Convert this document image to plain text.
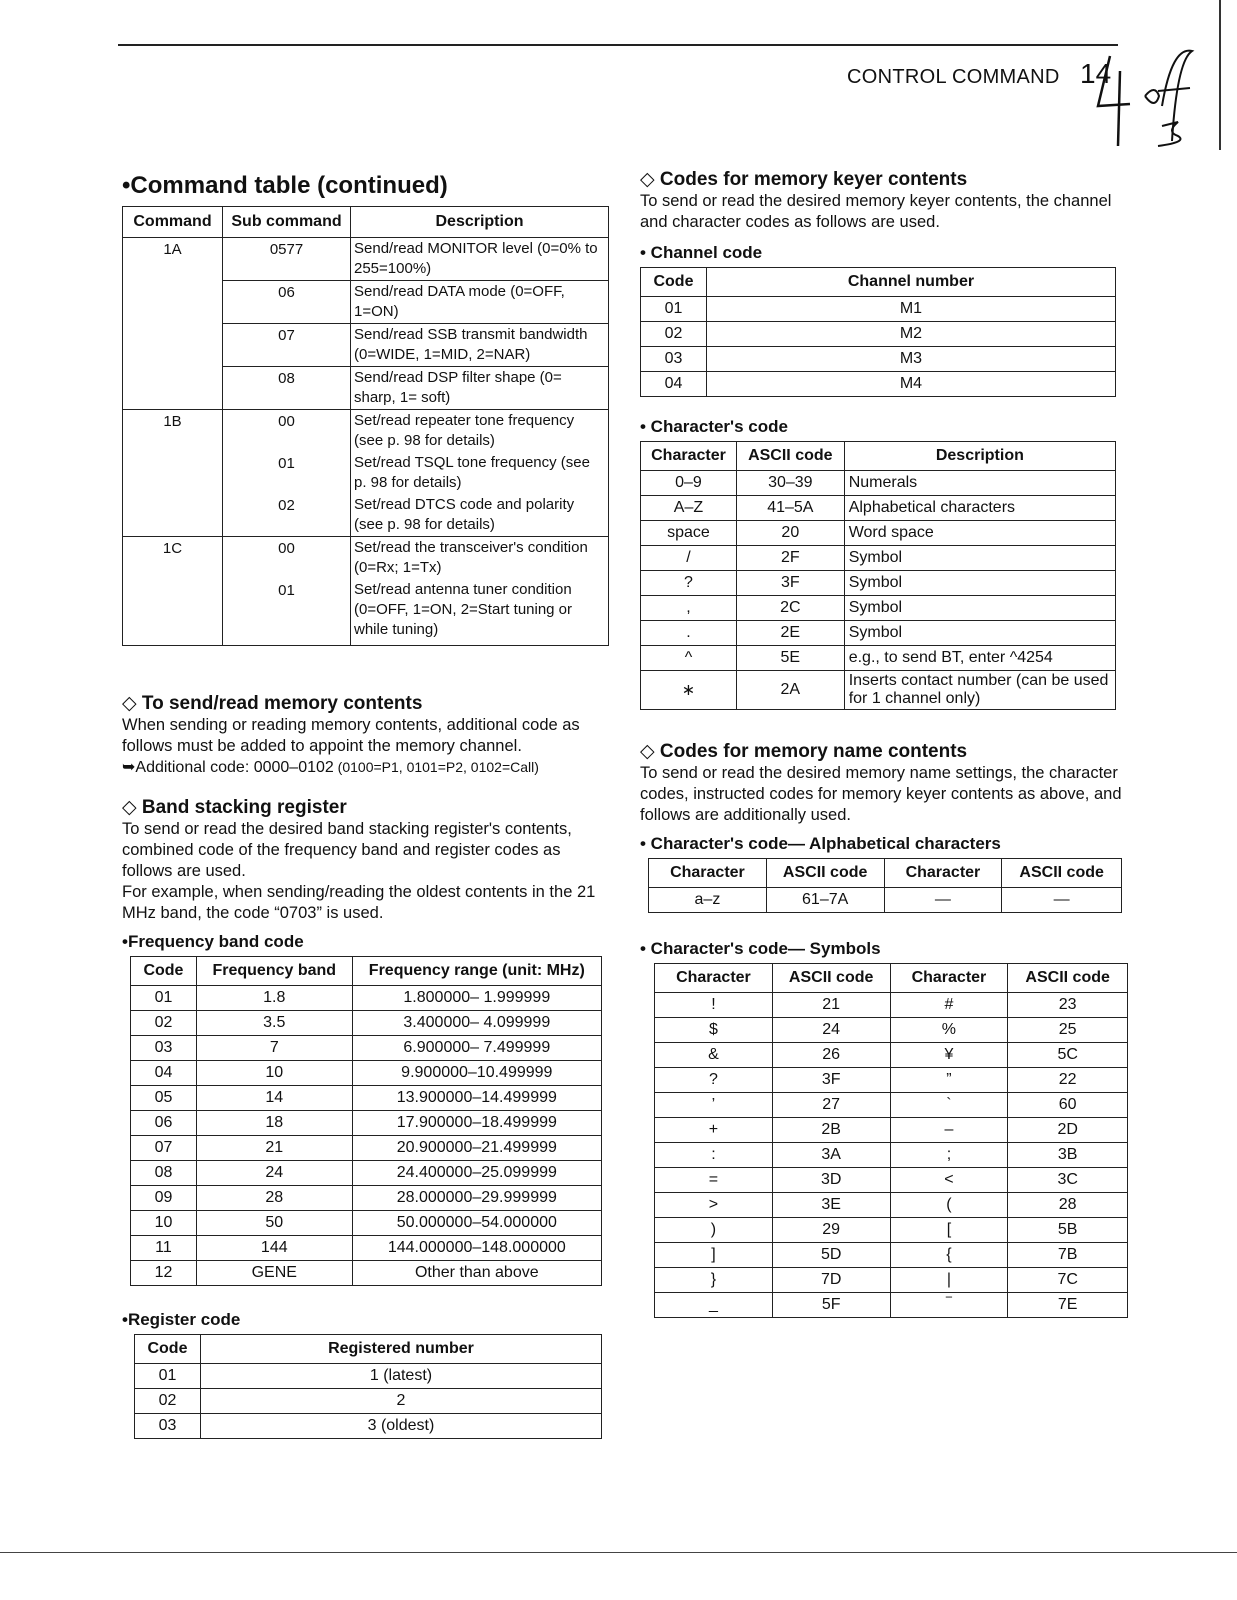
CONTROL COMMAND 14
•Command table (continued)
Command	Sub command	Description
1A	0577	Send/read MONITOR level (0=0% to 255=100%)
	06	Send/read DATA mode (0=OFF, 1=ON)
	07	Send/read SSB transmit bandwidth (0=WIDE, 1=MID, 2=NAR)
	08	Send/read DSP filter shape (0= sharp, 1= soft)
1B	00	Set/read repeater tone frequency (see p. 98 for details)
	01	Set/read TSQL tone frequency (see p. 98 for details)
	02	Set/read DTCS code and polarity (see p. 98 for details)
1C	00	Set/read the transceiver's condition (0=Rx; 1=Tx)
	01	Set/read antenna tuner condition (0=OFF, 1=ON, 2=Start tuning or while tuning)
◇ To send/read memory contents

When sending or reading memory contents, additional code as follows must be added to appoint the memory channel.

➥Additional code: 0000–0102 (0100=P1, 0101=P2, 0102=Call)
◇ Band stacking register

To send or read the desired band stacking register's contents, combined code of the frequency band and register codes as follows are used.

For example, when sending/reading the oldest contents in the 21 MHz band, the code “0703” is used.

•Frequency band code
Code	Frequency band	Frequency range (unit: MHz)
01	1.8	1.800000– 1.999999
02	3.5	3.400000– 4.099999
03	7	6.900000– 7.499999
04	10	9.900000–10.499999
05	14	13.900000–14.499999
06	18	17.900000–18.499999
07	21	20.900000–21.499999
08	24	24.400000–25.099999
09	28	28.000000–29.999999
10	50	50.000000–54.000000
11	144	144.000000–148.000000
12	GENE	Other than above
•Register code
Code	Registered number
01	1 (latest)
02	2
03	3 (oldest)
◇ Codes for memory keyer contents

To send or read the desired memory keyer contents, the channel and character codes as follows are used.

• Channel code
Code	Channel number
01	M1
02	M2
03	M3
04	M4
• Character's code
Character	ASCII code	Description
0–9	30–39	Numerals
A–Z	41–5A	Alphabetical characters
space	20	Word space
/	2F	Symbol
?	3F	Symbol
,	2C	Symbol
.	2E	Symbol
^	5E	e.g., to send BT, enter ^4254
∗	2A	Inserts contact number (can be used for 1 channel only)
◇ Codes for memory name contents

To send or read the desired memory name settings, the character codes, instructed codes for memory keyer contents as above, and follows are additionally used.

• Character's code— Alphabetical characters
Character	ASCII code	Character	ASCII code
a–z	61–7A	—	—
• Character's code— Symbols
Character	ASCII code	Character	ASCII code
!	21	#	23
$	24	%	25
&	26	¥	5C
?	3F	”	22
’	27	`	60
+	2B	–	2D
:	3A	;	3B
=	3D	<	3C
>	3E	(	28
)	29	[	5B
]	5D	{	7B
}	7D	|	7C
_	5F	‾	7E
